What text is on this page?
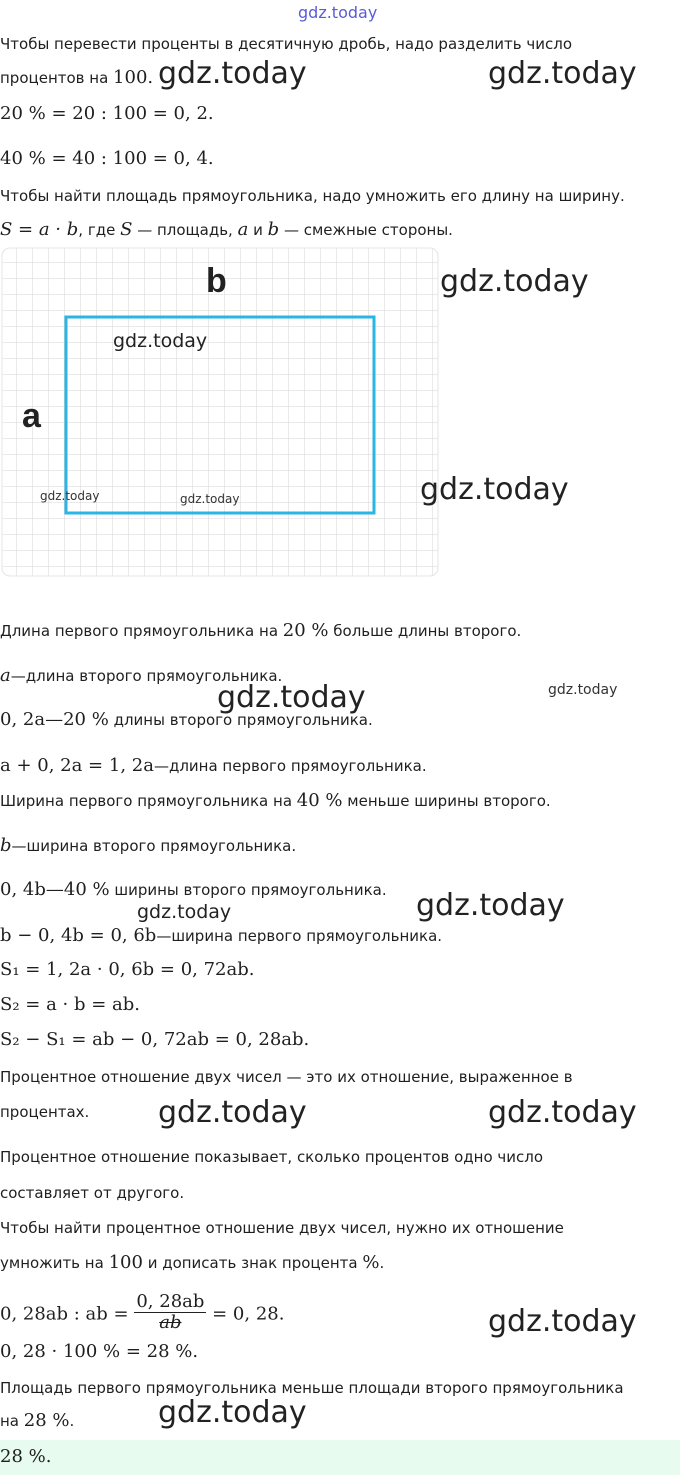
gdz.today
Чтобы перевести проценты в десятичную дробь, надо разделить число
процентов на 100.
20 % = 20 : 100 = 0, 2.
40 % = 40 : 100 = 0, 4.
Чтобы найти площадь прямоугольника, надо умножить его длину на ширину.
S = a · b, где S — площадь, a и b — смежные стороны.
b
a
Длина первого прямоугольника на 20 % больше длины второго.
a—длина второго прямоугольника.
0, 2a—20 % длины второго прямоугольника.
a + 0, 2a = 1, 2a—длина первого прямоугольника.
Ширина первого прямоугольника на 40 % меньше ширины второго.
b—ширина второго прямоугольника.
0, 4b—40 % ширины второго прямоугольника.
b − 0, 4b = 0, 6b—ширина первого прямоугольника.
S₁ = 1, 2a · 0, 6b = 0, 72ab.
S₂ = a · b = ab.
S₂ − S₁ = ab − 0, 72ab = 0, 28ab.
Процентное отношение двух чисел — это их отношение, выраженное в
процентах.
Процентное отношение показывает, сколько процентов одно число
составляет от другого.
Чтобы найти процентное отношение двух чисел, нужно их отношение
умножить на 100 и дописать знак процента %.
0, 28ab : ab = $\frac{0, 28ab}{ab} = 0$, 28.
0, 28 · 100 % = 28 %.
Площадь первого прямоугольника меньше площади второго прямоугольника
на 28 %.
28 %.
gdz.today	gdz.today
gdz.today
gdz.today
gdz.today	gdz.today	gdz.today
gdz.today	gdz.today
gdz.today
gdz.today
gdz.today	gdz.today
gdz.today
gdz.today
